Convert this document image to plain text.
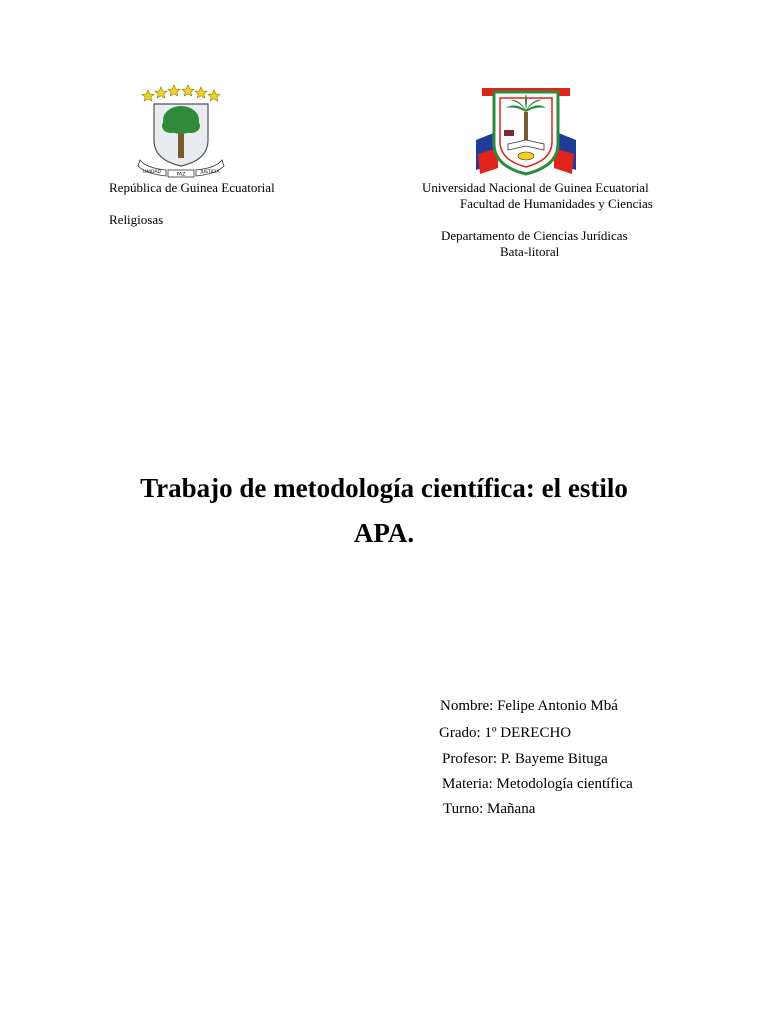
UNIDAD	PAZ	JUSTICIA
República de Guinea Ecuatorial
Religiosas
Universidad Nacional de Guinea Ecuatorial
Facultad de Humanidades y Ciencias
Departamento de Ciencias Jurídicas
Bata-litoral
Trabajo de metodología científica: el estilo
APA.
Nombre: Felipe Antonio Mbá
Grado: 1º DERECHO
Profesor: P. Bayeme Bituga
Materia: Metodología científica
Turno: Mañana
